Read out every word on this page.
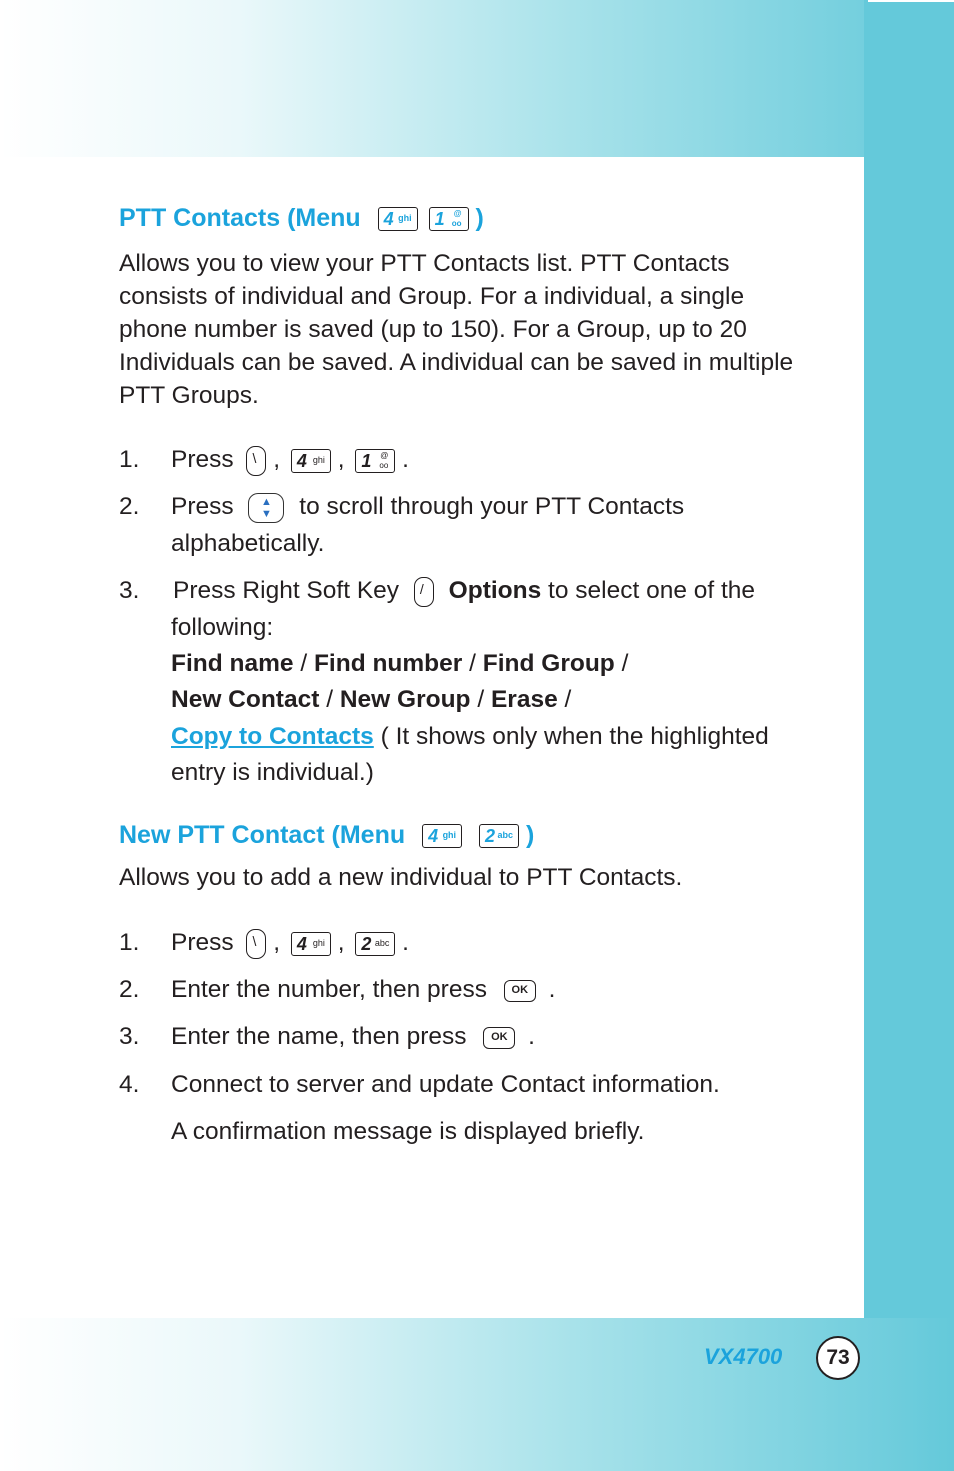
PTT Contacts (Menu 4 ghi
1 @
oo )
Allows you to view your PTT Contacts list. PTT Contacts consists of individual and Group. For a individual, a single phone number is saved (up to 150). For a Group, up to 20 Individuals can be saved. A individual can be saved in multiple PTT Groups.
1. Press \ , 4 ghi , 1 @
oo .
2. Press	▲
▼	to scroll through your PTT Contacts
alphabetically.
3. Press Right Soft Key / Options to select one of the
following:
Find name / Find number / Find Group /
New Contact / New Group / Erase /
Copy to Contacts ( It shows only when the highlighted
entry is individual.)
New PTT Contact (Menu 4 ghi
2 abc )
Allows you to add a new individual to PTT Contacts.
1. Press \ , 4 ghi , 2 abc .
2. Enter the number, then press	OK .
3. Enter the name, then press	OK .
4. Connect to server and update Contact information.
A confirmation message is displayed briefly.
VX4700	73
